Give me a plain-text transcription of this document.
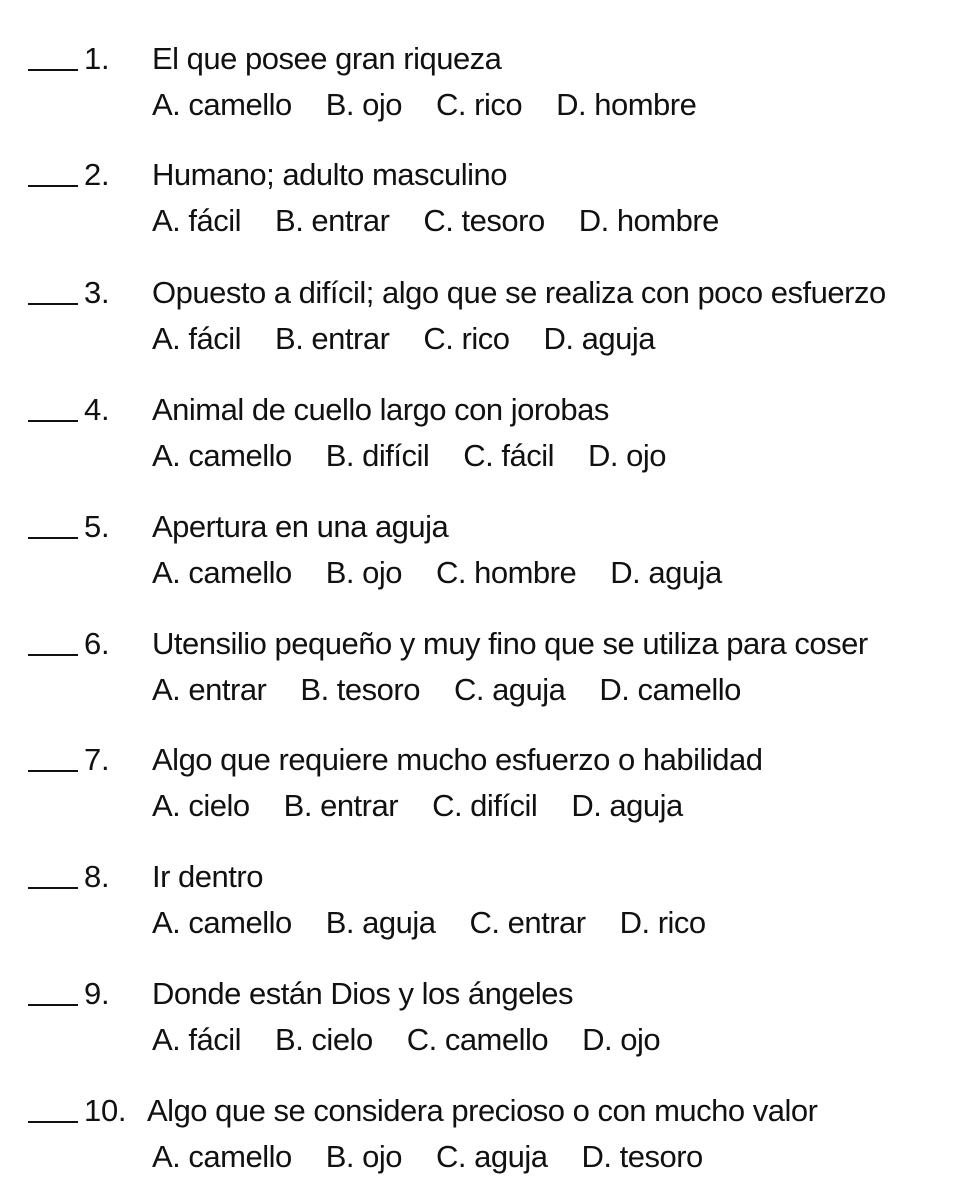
1. El que posee gran riqueza
A. camello B. ojo C. rico D. hombre
2. Humano; adulto masculino
A. fácil B. entrar C. tesoro D. hombre
3. Opuesto a difícil; algo que se realiza con poco esfuerzo
A. fácil B. entrar C. rico D. aguja
4. Animal de cuello largo con jorobas
A. camello B. difícil C. fácil D. ojo
5. Apertura en una aguja
A. camello B. ojo C. hombre D. aguja
6. Utensilio pequeño y muy fino que se utiliza para coser
A. entrar B. tesoro C. aguja D. camello
7. Algo que requiere mucho esfuerzo o habilidad
A. cielo B. entrar C. difícil D. aguja
8. Ir dentro
A. camello B. aguja C. entrar D. rico
9. Donde están Dios y los ángeles
A. fácil B. cielo C. camello D. ojo
10. Algo que se considera precioso o con mucho valor
A. camello B. ojo C. aguja D. tesoro
